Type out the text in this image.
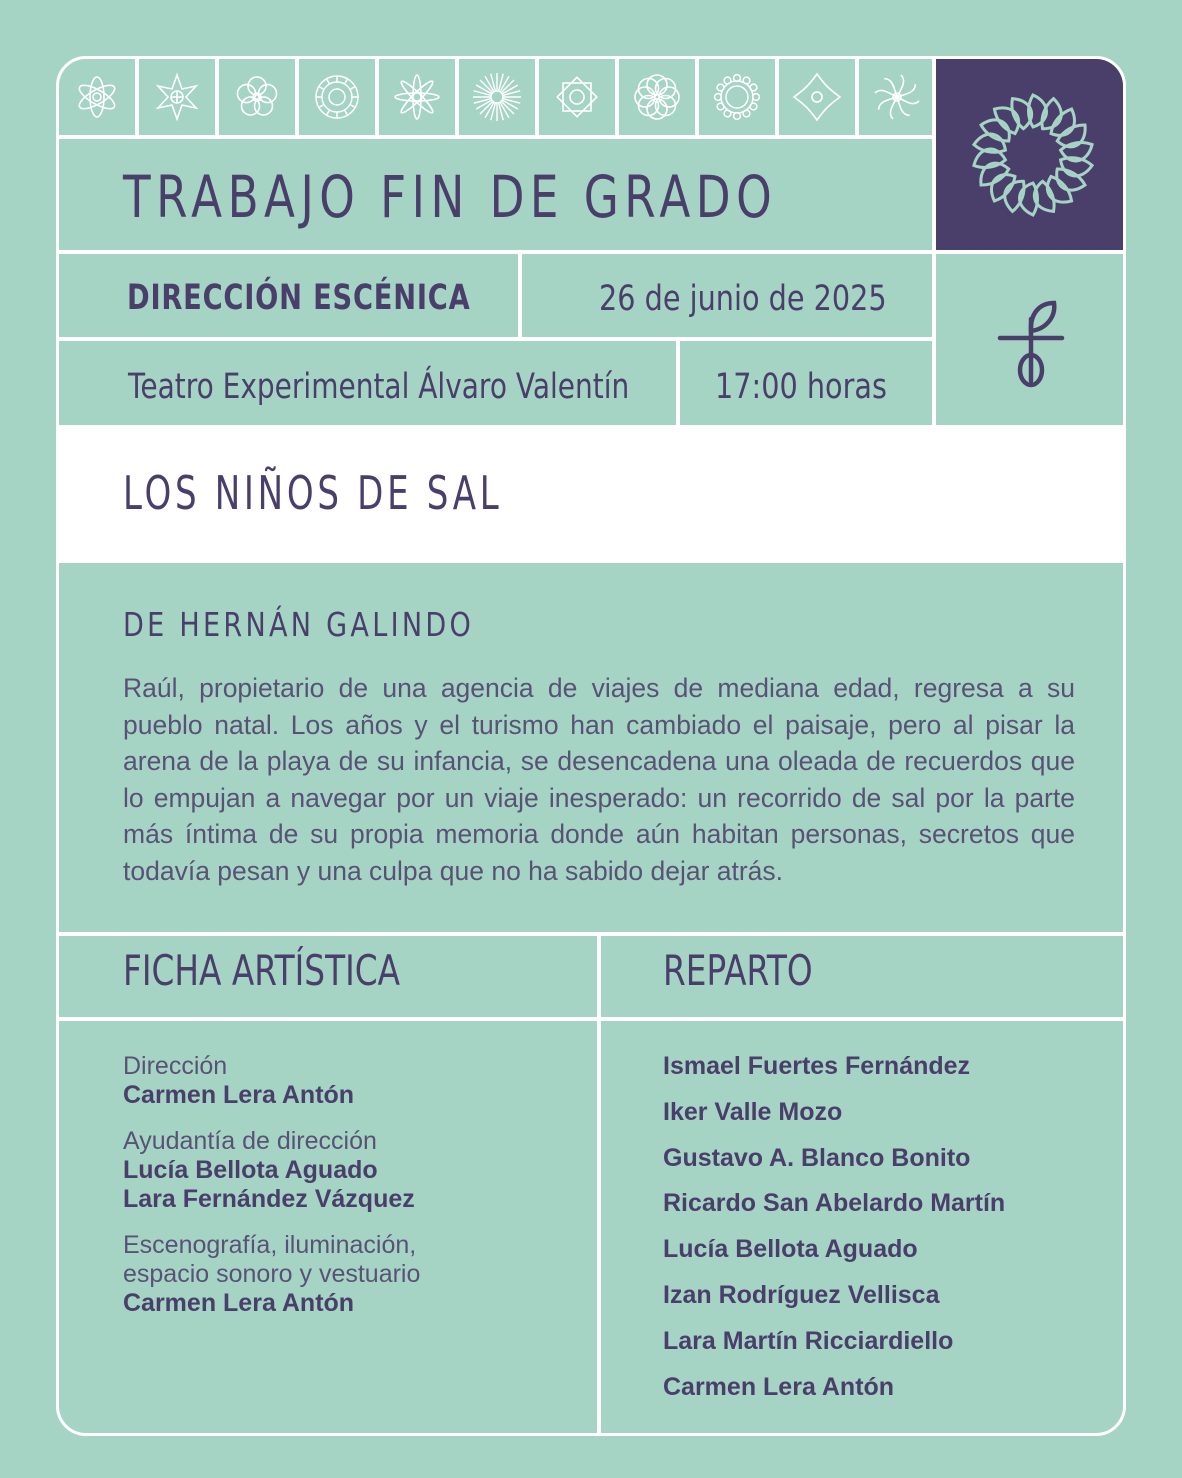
TRABAJO FIN DE GRADO
DIRECCIÓN ESCÉNICA	26 de junio de 2025
Teatro Experimental Álvaro Valentín 17:00 horas
LOS NIÑOS DE SAL
DE HERNÁN GALINDO
Raúl, propietario de una agencia de viajes de mediana edad, regresa a su pueblo natal. Los años y el turismo han cambiado el paisaje, pero al pisar la arena de la playa de su infancia, se desencadena una oleada de recuerdos que lo empujan a navegar por un viaje inesperado: un recorrido de sal por la parte más íntima de su propia memoria donde aún habitan personas, secretos que todavía pesan y una culpa que no ha sabido dejar atrás.
FICHA ARTÍSTICA	REPARTO
Dirección
Carmen Lera Antón
Ayudantía de dirección
Lucía Bellota Aguado
Lara Fernández Vázquez
Escenografía, iluminación,
espacio sonoro y vestuario
Carmen Lera Antón
Ismael Fuertes Fernández
Iker Valle Mozo
Gustavo A. Blanco Bonito
Ricardo San Abelardo Martín
Lucía Bellota Aguado
Izan Rodríguez Vellisca
Lara Martín Ricciardiello
Carmen Lera Antón
